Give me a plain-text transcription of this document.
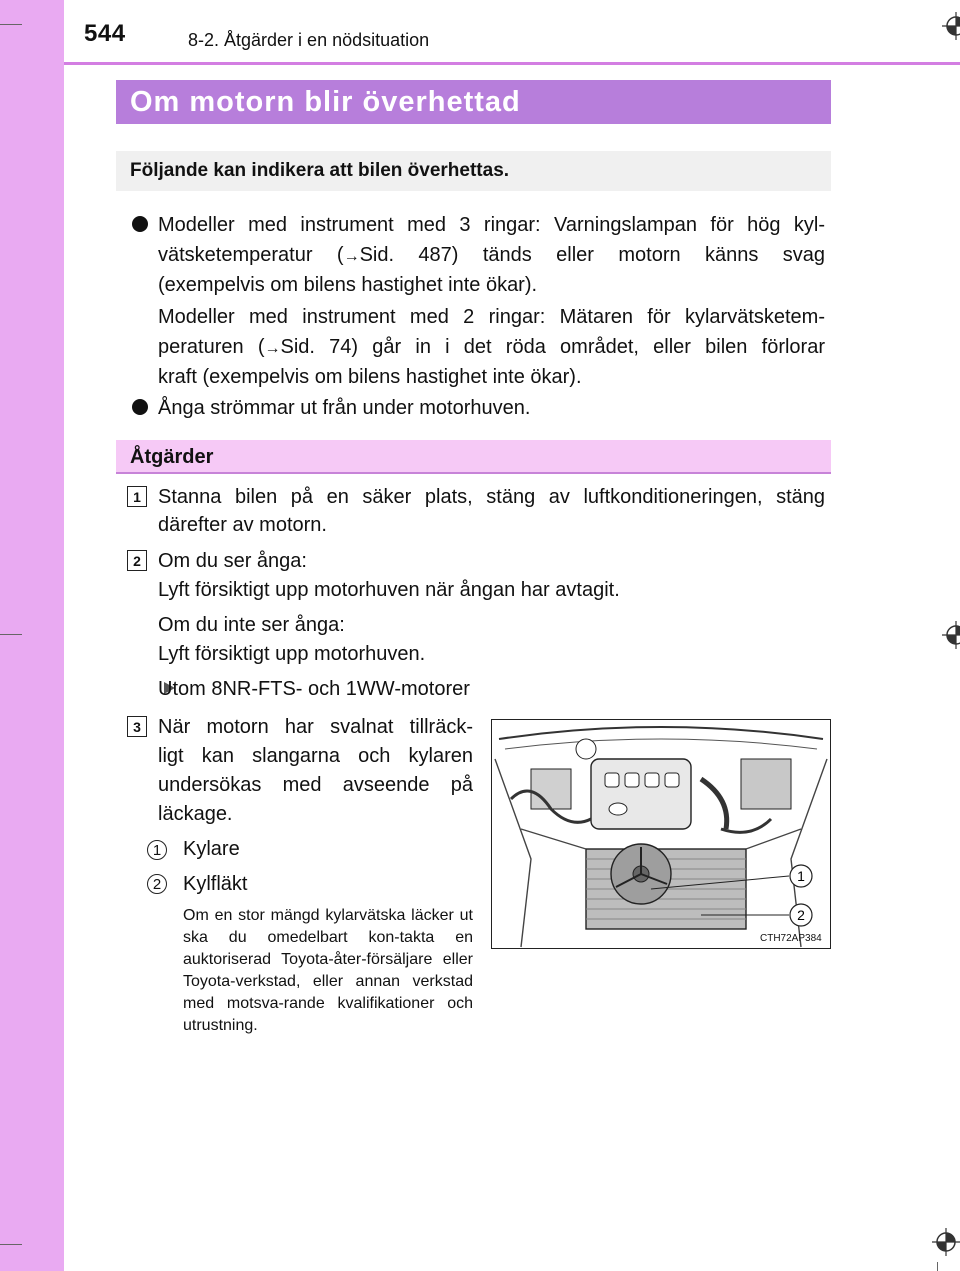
544	8-2. Åtgärder i en nödsituation
Om motorn blir överhettad
Följande kan indikera att bilen överhettas.
Modeller med instrument med 3 ringar: Varningslampan för hög kyl-
vätsketemperatur (→Sid. 487) tänds eller motorn känns svag
(exempelvis om bilens hastighet inte ökar).
Modeller med instrument med 2 ringar: Mätaren för kylarvätsketem-
peraturen (→Sid. 74) går in i det röda området, eller bilen förlorar
kraft (exempelvis om bilens hastighet inte ökar).
Ånga strömmar ut från under motorhuven.
Åtgärder
1 Stanna bilen på en säker plats, stäng av luftkonditioneringen, stäng
därefter av motorn.
2 Om du ser ånga:
Lyft försiktigt upp motorhuven när ångan har avtagit.
Om du inte ser ånga:
Lyft försiktigt upp motorhuven.
Utom 8NR-FTS- och 1WW-motorer
3 När motorn har svalnat tillräck-
ligt kan slangarna och kylaren
undersökas med avseende på
läckage.
1 Kylare
2 Kylfläkt
Om en stor mängd kylarvätska läcker ut ska du omedelbart kon-takta en auktoriserad Toyota-åter-försäljare eller Toyota-verkstad, eller annan verkstad med motsva-rande kvalifikationer och utrustning.
1
2
CTH72AP384
